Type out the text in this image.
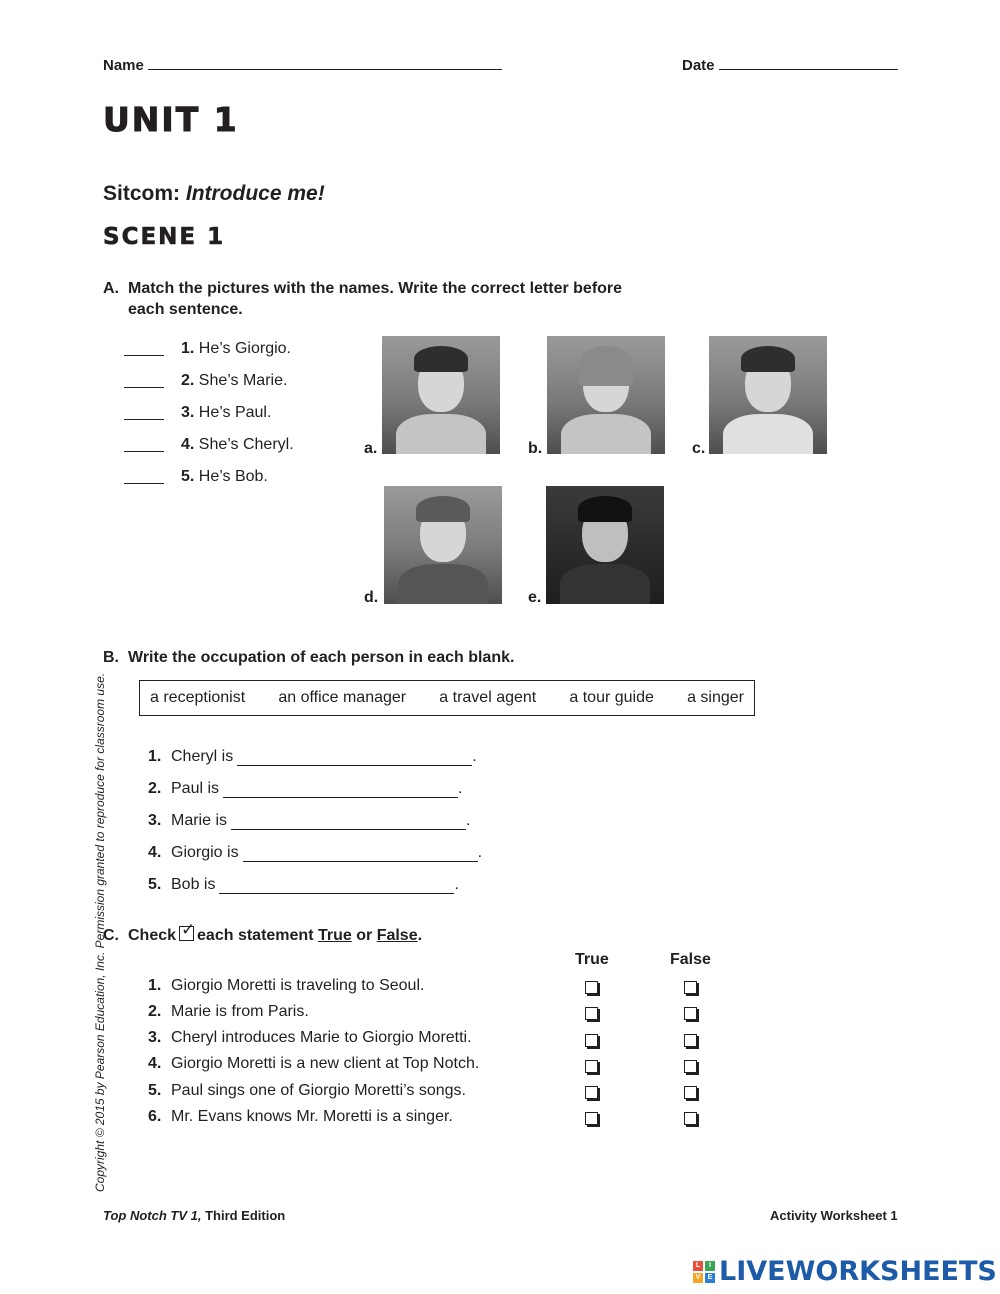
Name	Date
UNIT 1
Sitcom: Introduce me!
SCENE 1
A. Match the pictures with the names. Write the correct letter before
each sentence.
1. He’s Giorgio.
2. She’s Marie.
3. He’s Paul.
4. She’s Cheryl.
5. He’s Bob.
a.	b.	c.
d.	e.
B. Write the occupation of each person in each blank.
a receptionist an office manager a travel agent a tour guide a singer
1. Cheryl is	.
2. Paul is	.
3. Marie is	.
4. Giorgio is	.
5. Bob is	.
C. Check✓ each statement True or False.
True	False
1. Giorgio Moretti is traveling to Seoul.
2. Marie is from Paris.
3. Cheryl introduces Marie to Giorgio Moretti.
4. Giorgio Moretti is a new client at Top Notch.
5. Paul sings one of Giorgio Moretti’s songs.
6. Mr. Evans knows Mr. Moretti is a singer.
Copyright © 2015 by Pearson Education, Inc. Permission granted to reproduce for classroom use.
Top Notch TV 1, Third Edition	Activity Worksheet 1
L	I
V	E LIVEWORKSHEETS
